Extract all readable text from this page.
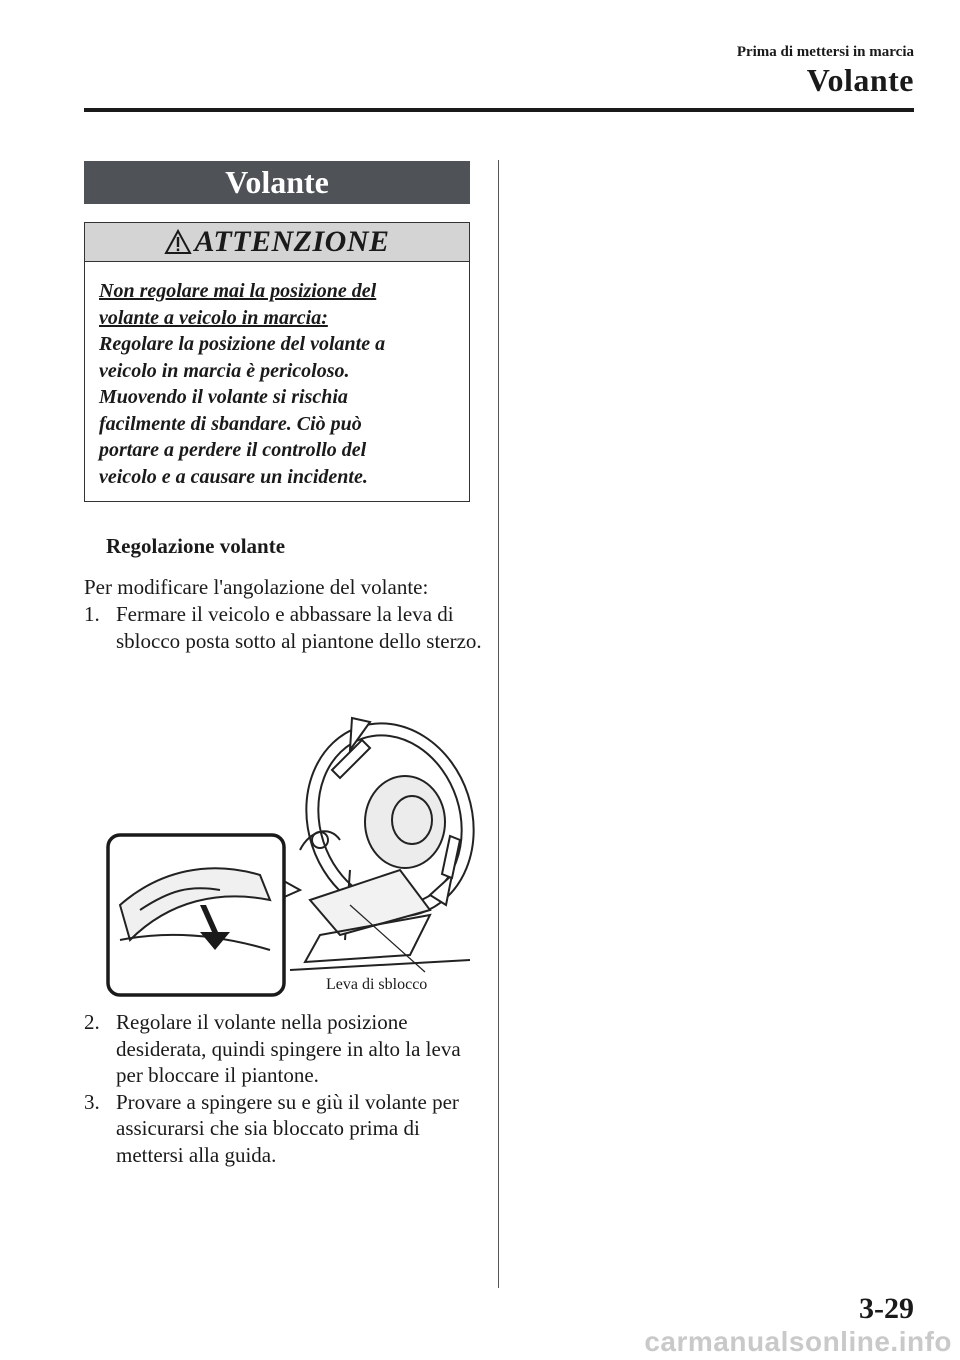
Prima di mettersi in marcia
Volante
Volante
ATTENZIONE
Non regolare mai la posizione del
volante a veicolo in marcia:
Regolare la posizione del volante a
veicolo in marcia è pericoloso.
Muovendo il volante si rischia
facilmente di sbandare. Ciò può
portare a perdere il controllo del
veicolo e a causare un incidente.
Regolazione volante
Per modificare l'angolazione del volante:
1. Fermare il veicolo e abbassare la leva di sblocco posta sotto al piantone dello sterzo.
Leva di sblocco
2. Regolare il volante nella posizione desiderata, quindi spingere in alto la leva per bloccare il piantone.
3. Provare a spingere su e giù il volante per assicurarsi che sia bloccato prima di mettersi alla guida.
3-29
carmanualsonline.info
